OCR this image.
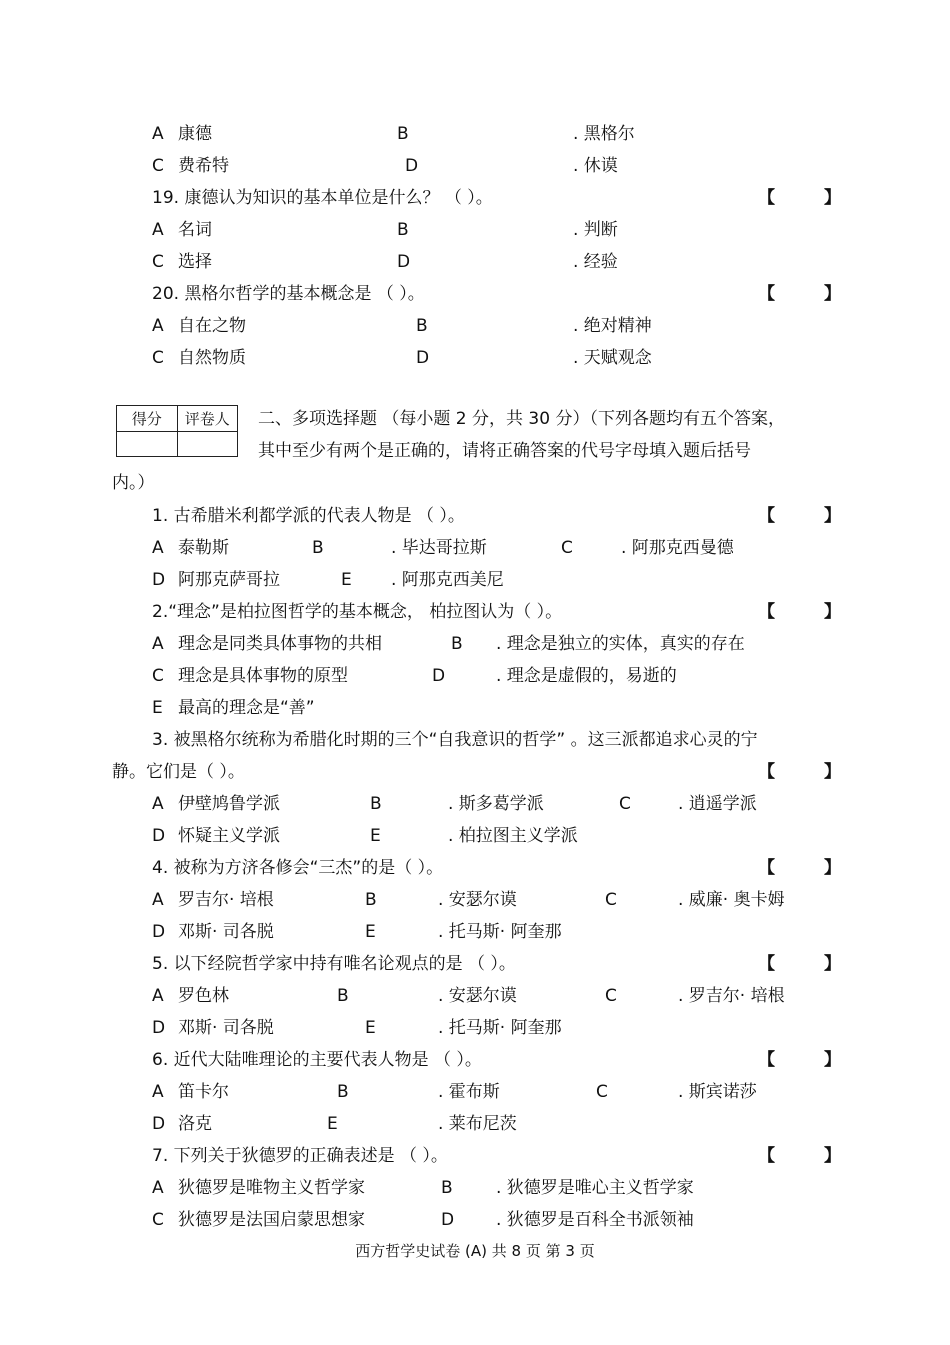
A 康德	B	. 黑格尔
C 费希特	D	. 休谟
19. 康德认为知识的基本单位是什么？ （ ）。	【	】
A 名词	B	. 判断
C 选择	D	. 经验
20. 黑格尔哲学的基本概念是 （ ）。	【	】
A 自在之物	B	. 绝对精神
C 自然物质	D	. 天赋观念
得分	评卷人
	二、多项选择题 （每小题 2 分，共 30 分）（下列各题均有五个答案，
其中至少有两个是正确的，请将正确答案的代号字母填入题后括号
内。）
1. 古希腊米利都学派的代表人物是 （ ）。	【	】
A 泰勒斯	B	. 毕达哥拉斯	C	. 阿那克西曼德
D 阿那克萨哥拉	E . 阿那克西美尼
2.“理念”是柏拉图哲学的基本概念， 柏拉图认为（ ）。	【	】
A 理念是同类具体事物的共相	B . 理念是独立的实体，真实的存在
C 理念是具体事物的原型	D	. 理念是虚假的，易逝的
E 最高的理念是“善”
3. 被黑格尔统称为希腊化时期的三个“自我意识的哲学” 。这三派都追求心灵的宁
静。它们是（ ）。	【	】
A 伊壁鸠鲁学派	B	. 斯多葛学派	C	. 逍遥学派
D 怀疑主义学派	E	. 柏拉图主义学派
4. 被称为方济各修会“三杰”的是（ ）。	【	】
A 罗吉尔· 培根	B	. 安瑟尔谟	C	. 威廉· 奥卡姆
D 邓斯· 司各脱	E	. 托马斯· 阿奎那
5. 以下经院哲学家中持有唯名论观点的是 （ ）。	【	】
A 罗色林	B	. 安瑟尔谟	C	. 罗吉尔· 培根
D 邓斯· 司各脱	E	. 托马斯· 阿奎那
6. 近代大陆唯理论的主要代表人物是 （ ）。	【	】
A 笛卡尔	B	. 霍布斯	C	. 斯宾诺莎
D 洛克	E	. 莱布尼茨
7. 下列关于狄德罗的正确表述是 （ ）。	【	】
A 狄德罗是唯物主义哲学家	B	. 狄德罗是唯心主义哲学家
C 狄德罗是法国启蒙思想家	D . 狄德罗是百科全书派领袖
西方哲学史试卷 (A) 共 8 页 第 3 页
